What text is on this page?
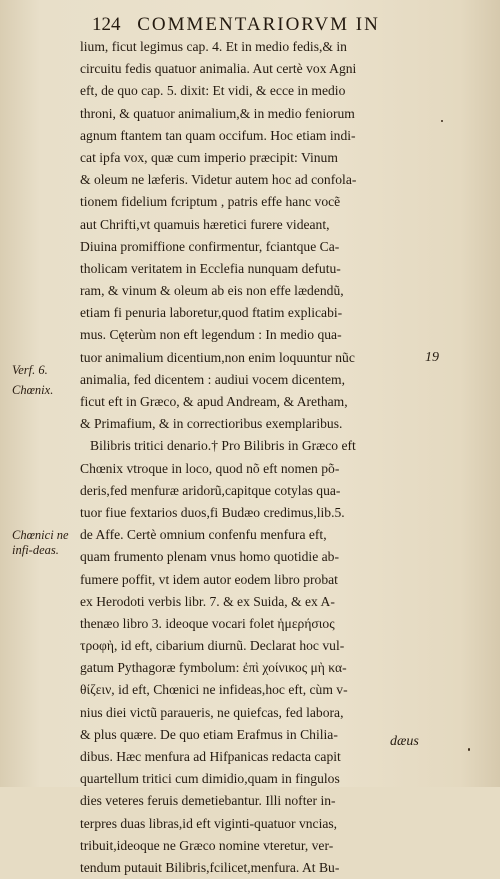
124 COMMENTARIORVM IN
lium, ficut legimus cap. 4. Et in medio fedis,& in
circuitu fedis quatuor animalia. Aut certè vox Agni
eft, de quo cap. 5. dixit: Et vidi, & ecce in medio
throni, & quatuor animalium,& in medio feniorum
agnum ftantem tan quam occifum. Hoc etiam indi-
cat ipfa vox, quæ cum imperio præcipit: Vinum
& oleum ne læferis. Videtur autem hoc ad confola-
tionem fidelium fcriptum , patris effe hanc vocẽ
aut Chrifti,vt quamuis hæretici furere videant,
Diuina promiffione confirmentur, fciantque Ca-
tholicam veritatem in Ecclefia nunquam defutu-
ram, & vinum & oleum ab eis non effe lædendũ,
etiam fi penuria laboretur,quod ftatim explicabi-
mus. Cęterùm non eft legendum : In medio qua-
tuor animalium dicentium,non enim loquuntur nũc
animalia, fed dicentem : audiui vocem dicentem,
ficut eft in Græco, & apud Andream, & Aretham,
& Primafium, & in correctioribus exemplaribus.
Bilibris tritici denario.† Pro Bilibris in Græco eft
Chœnix vtroque in loco, quod nõ eft nomen põ-
deris,fed menfuræ aridorũ,capitque cotylas qua-
tuor fiue fextarios duos,fi Budæo credimus,lib.5.
de Affe. Certè omnium confenfu menfura eft,
quam frumento plenam vnus homo quotidie ab-
fumere poffit, vt idem autor eodem libro probat
ex Herodoti verbis libr. 7. & ex Suida, & ex A-
thenæo libro 3. ideoque vocari folet ἡμερήσιος
τροφὴ, id eft, cibarium diurnũ. Declarat hoc vul-
gatum Pythagoræ fymbolum: ἐπὶ χοίνικος μὴ κα-
θίζειν, id eft, Chœnici ne infideas,hoc eft, cùm v-
nius diei victũ paraueris, ne quiefcas, fed labora,
& plus quære. De quo etiam Erafmus in Chilia-
dibus. Hæc menfura ad Hifpanicas redacta capit
quartellum tritici cum dimidio,quam in fingulos
dies veteres feruis demetiebantur. Illi nofter in-
terpres duas libras,id eft viginti-quatuor vncias,
tribuit,ideoque ne Græco nomine vteretur, ver-
tendum putauit Bilibris,fcilicet,menfura. At Bu-
Verf. 6.
Chœnix.
Chœnici ne infi-deas.
19
dæus
